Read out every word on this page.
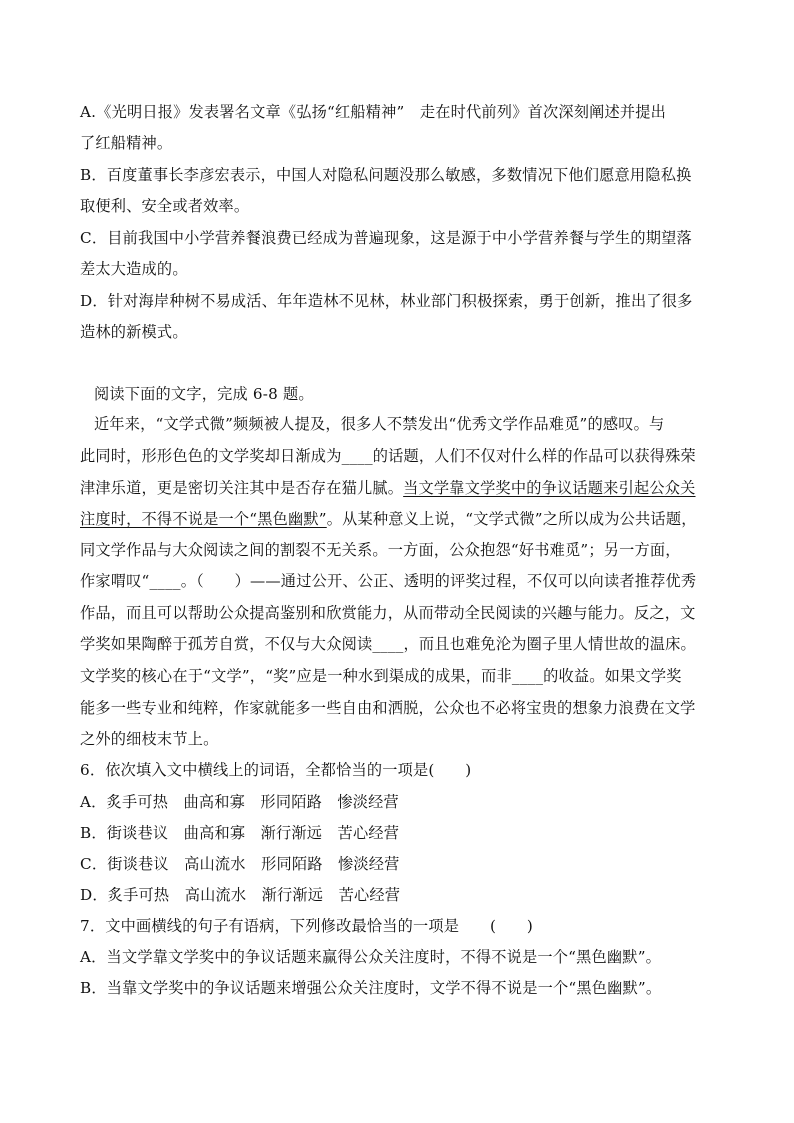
A.《光明日报》发表署名文章《弘扬“红船精神”　走在时代前列》首次深刻阐述并提出
了红船精神。
B．百度董事长李彦宏表示，中国人对隐私问题没那么敏感，多数情况下他们愿意用隐私换
取便利、安全或者效率。
C．目前我国中小学营养餐浪费已经成为普遍现象，这是源于中小学营养餐与学生的期望落
差太大造成的。
D．针对海岸种树不易成活、年年造林不见林，林业部门积极探索，勇于创新，推出了很多
造林的新模式。
阅读下面的文字，完成 6-8 题。
近年来，“文学式微”频频被人提及，很多人不禁发出“优秀文学作品难觅”的感叹。与
此同时，形形色色的文学奖却日渐成为____的话题，人们不仅对什么样的作品可以获得殊荣
津津乐道，更是密切关注其中是否存在猫儿腻。当文学靠文学奖中的争议话题来引起公众关
注度时，不得不说是一个“黑色幽默”。从某种意义上说，“文学式微”之所以成为公共话题，
同文学作品与大众阅读之间的割裂不无关系。一方面，公众抱怨“好书难觅”；另一方面，
作家喟叹“____。（　　）——通过公开、公正、透明的评奖过程，不仅可以向读者推荐优秀
作品，而且可以帮助公众提高鉴别和欣赏能力，从而带动全民阅读的兴趣与能力。反之，文
学奖如果陶醉于孤芳自赏，不仅与大众阅读____，而且也难免沦为圈子里人情世故的温床。
文学奖的核心在于“文学”，“奖”应是一种水到渠成的成果，而非____的收益。如果文学奖
能多一些专业和纯粹，作家就能多一些自由和洒脱，公众也不必将宝贵的想象力浪费在文学
之外的细枝末节上。
6．依次填入文中横线上的词语，全都恰当的一项是(　　)
A．炙手可热　曲高和寡　形同陌路　惨淡经营
B．街谈巷议　曲高和寡　渐行渐远　苦心经营
C．街谈巷议　高山流水　形同陌路　惨淡经营
D．炙手可热　高山流水　渐行渐远　苦心经营
7．文中画横线的句子有语病，下列修改最恰当的一项是　　(　　)
A．当文学靠文学奖中的争议话题来赢得公众关注度时，不得不说是一个“黑色幽默”。
B．当靠文学奖中的争议话题来增强公众关注度时，文学不得不说是一个“黑色幽默”。
